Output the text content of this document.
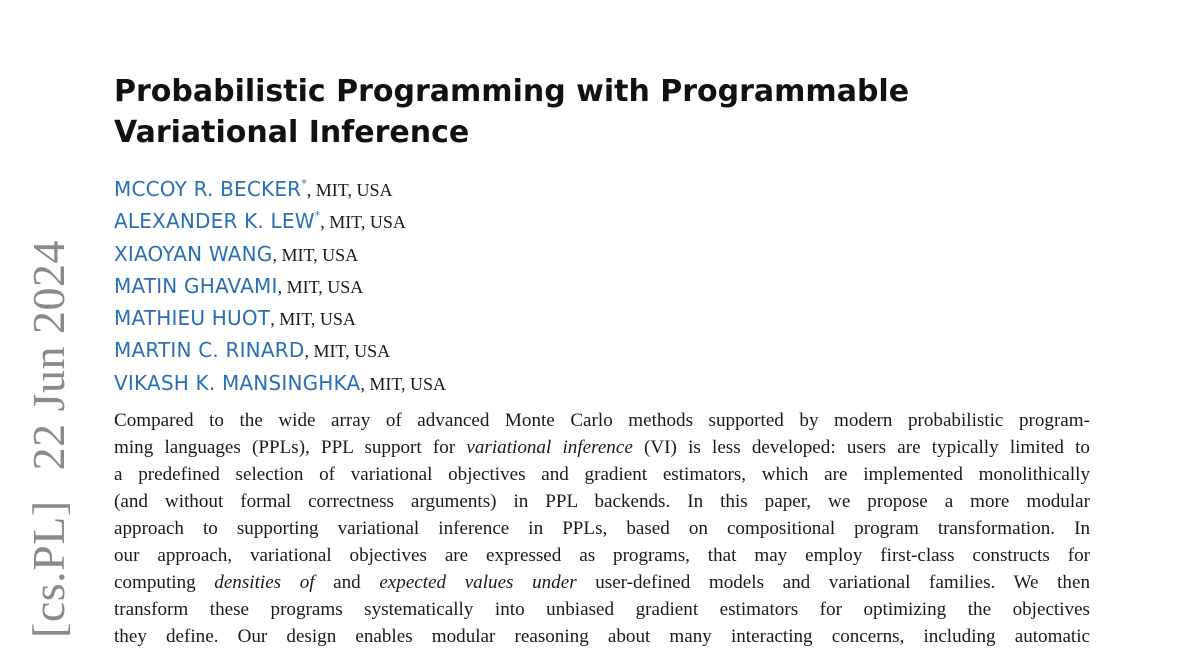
[cs.PL]22 Jun 2024
Probabilistic Programming with Programmable
Variational Inference
MCCOY R. BECKER*, MIT, USA
ALEXANDER K. LEW*, MIT, USA
XIAOYAN WANG, MIT, USA
MATIN GHAVAMI, MIT, USA
MATHIEU HUOT, MIT, USA
MARTIN C. RINARD, MIT, USA
VIKASH K. MANSINGHKA, MIT, USA
Compared to the wide array of advanced Monte Carlo methods supported by modern probabilistic program-
ming languages (PPLs), PPL support for variational inference (VI) is less developed: users are typically limited to
a predefined selection of variational objectives and gradient estimators, which are implemented monolithically
(and without formal correctness arguments) in PPL backends. In this paper, we propose a more modular
approach to supporting variational inference in PPLs, based on compositional program transformation. In
our approach, variational objectives are expressed as programs, that may employ first-class constructs for
computing densities of and expected values under user-defined models and variational families. We then
transform these programs systematically into unbiased gradient estimators for optimizing the objectives
they define. Our design enables modular reasoning about many interacting concerns, including automatic
